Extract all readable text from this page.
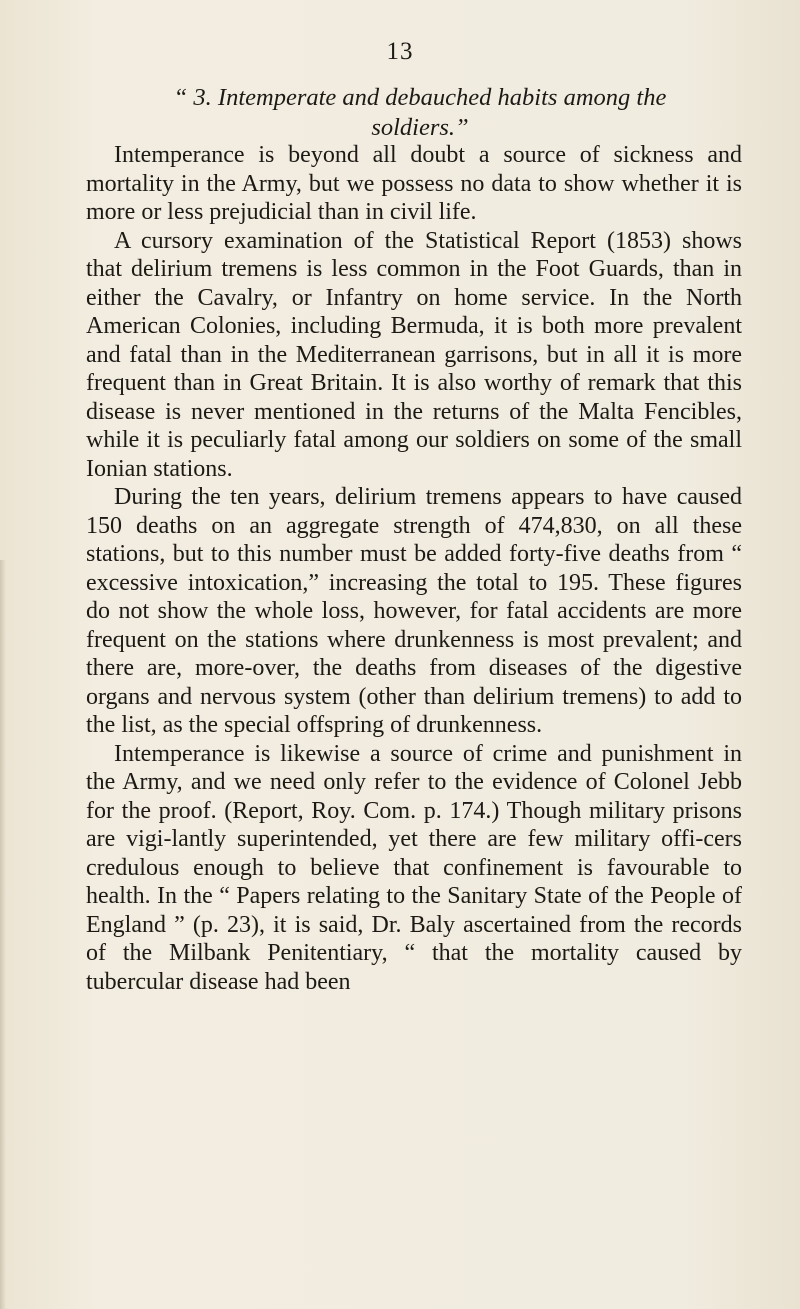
13
“ 3. Intemperate and debauched habits among the
soldiers.”

Intemperance is beyond all doubt a source of sickness and mortality in the Army, but we possess no data to show whether it is more or less prejudicial than in civil life.

A cursory examination of the Statistical Report (1853) shows that delirium tremens is less common in the Foot Guards, than in either the Cavalry, or Infantry on home service. In the North American Colonies, including Bermuda, it is both more prevalent and fatal than in the Mediterranean garrisons, but in all it is more frequent than in Great Britain. It is also worthy of remark that this disease is never mentioned in the returns of the Malta Fencibles, while it is peculiarly fatal among our soldiers on some of the small Ionian stations.

During the ten years, delirium tremens appears to have caused 150 deaths on an aggregate strength of 474,830, on all these stations, but to this number must be added forty-five deaths from “ excessive intoxication,” increasing the total to 195. These figures do not show the whole loss, however, for fatal accidents are more frequent on the stations where drunkenness is most prevalent; and there are, more-over, the deaths from diseases of the digestive organs and nervous system (other than delirium tremens) to add to the list, as the special offspring of drunkenness.

Intemperance is likewise a source of crime and punishment in the Army, and we need only refer to the evidence of Colonel Jebb for the proof. (Report, Roy. Com. p. 174.) Though military prisons are vigi-lantly superintended, yet there are few military offi-cers credulous enough to believe that confinement is favourable to health. In the “ Papers relating to the Sanitary State of the People of England ” (p. 23), it is said, Dr. Baly ascertained from the records of the Milbank Penitentiary, “ that the mortality caused by tubercular disease had been
